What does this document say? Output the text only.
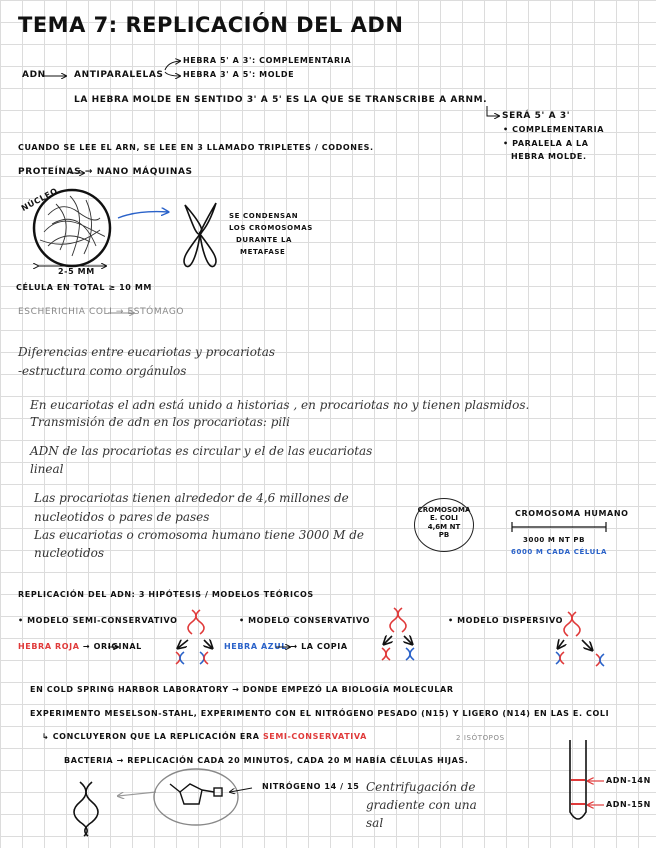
TEMA 7: REPLICACIÓN DEL ADN
ADN	ANTIPARALELAS
HEBRA 5' A 3': COMPLEMENTARIA
HEBRA 3' A 5': MOLDE
LA HEBRA MOLDE EN SENTIDO 3' A 5' ES LA QUE SE TRANSCRIBE A ARNM.
SERÁ 5' A 3'
• COMPLEMENTARIA
• PARALELA A LA
HEBRA MOLDE.
CUANDO SE LEE EL ARN, SE LEE EN 3 LLAMADO TRIPLETES / CODONES.
PROTEÍNAS → NANO MÁQUINAS
NÚCLEO
2-5 ΜM
CÉLULA EN TOTAL ≥ 10 ΜM
SE CONDENSAN
LOS CROMOSOMAS
DURANTE LA
METAFASE
ESCHERICHIA COLI → ESTÓMAGO
Diferencias entre eucariotas y procariotas
-estructura como orgánulos
En eucariotas el adn está unido a historias , en procariotas no y tienen plasmidos.
Transmisión de adn en los procariotas: pili
ADN de las procariotas es circular y el de las eucariotas
lineal
Las procariotas tienen alrededor de 4,6 millones de
nucleotidos o pares de pases
Las eucariotas o cromosoma humano tiene 3000 M de
nucleotidos
CROMOSOMA
E. COLI
4,6M NT
PB
CROMOSOMA HUMANO
3000 M NT PB
6000 M CADA CÉLULA
REPLICACIÓN DEL ADN: 3 HIPÓTESIS / MODELOS TEÓRICOS
• MODELO SEMI-CONSERVATIVO	• MODELO CONSERVATIVO	• MODELO DISPERSIVO
HEBRA ROJA → ORIGINAL	HEBRA AZUL → LA COPIA
EN COLD SPRING HARBOR LABORATORY → DONDE EMPEZÓ LA BIOLOGÍA MOLECULAR
EXPERIMENTO MESELSON-STAHL, EXPERIMENTO CON EL NITRÓGENO PESADO (N15) Y LIGERO (N14) EN LAS E. COLI
↳ CONCLUYERON QUE LA REPLICACIÓN ERA SEMI-CONSERVATIVA	2 ISÓTOPOS
BACTERIA → REPLICACIÓN CADA 20 MINUTOS, CADA 20 M HABÍA CÉLULAS HIJAS.
NITRÓGENO 14 / 15 Centrifugación de
gradiente con una
sal
ADN-14N
ADN-15N
